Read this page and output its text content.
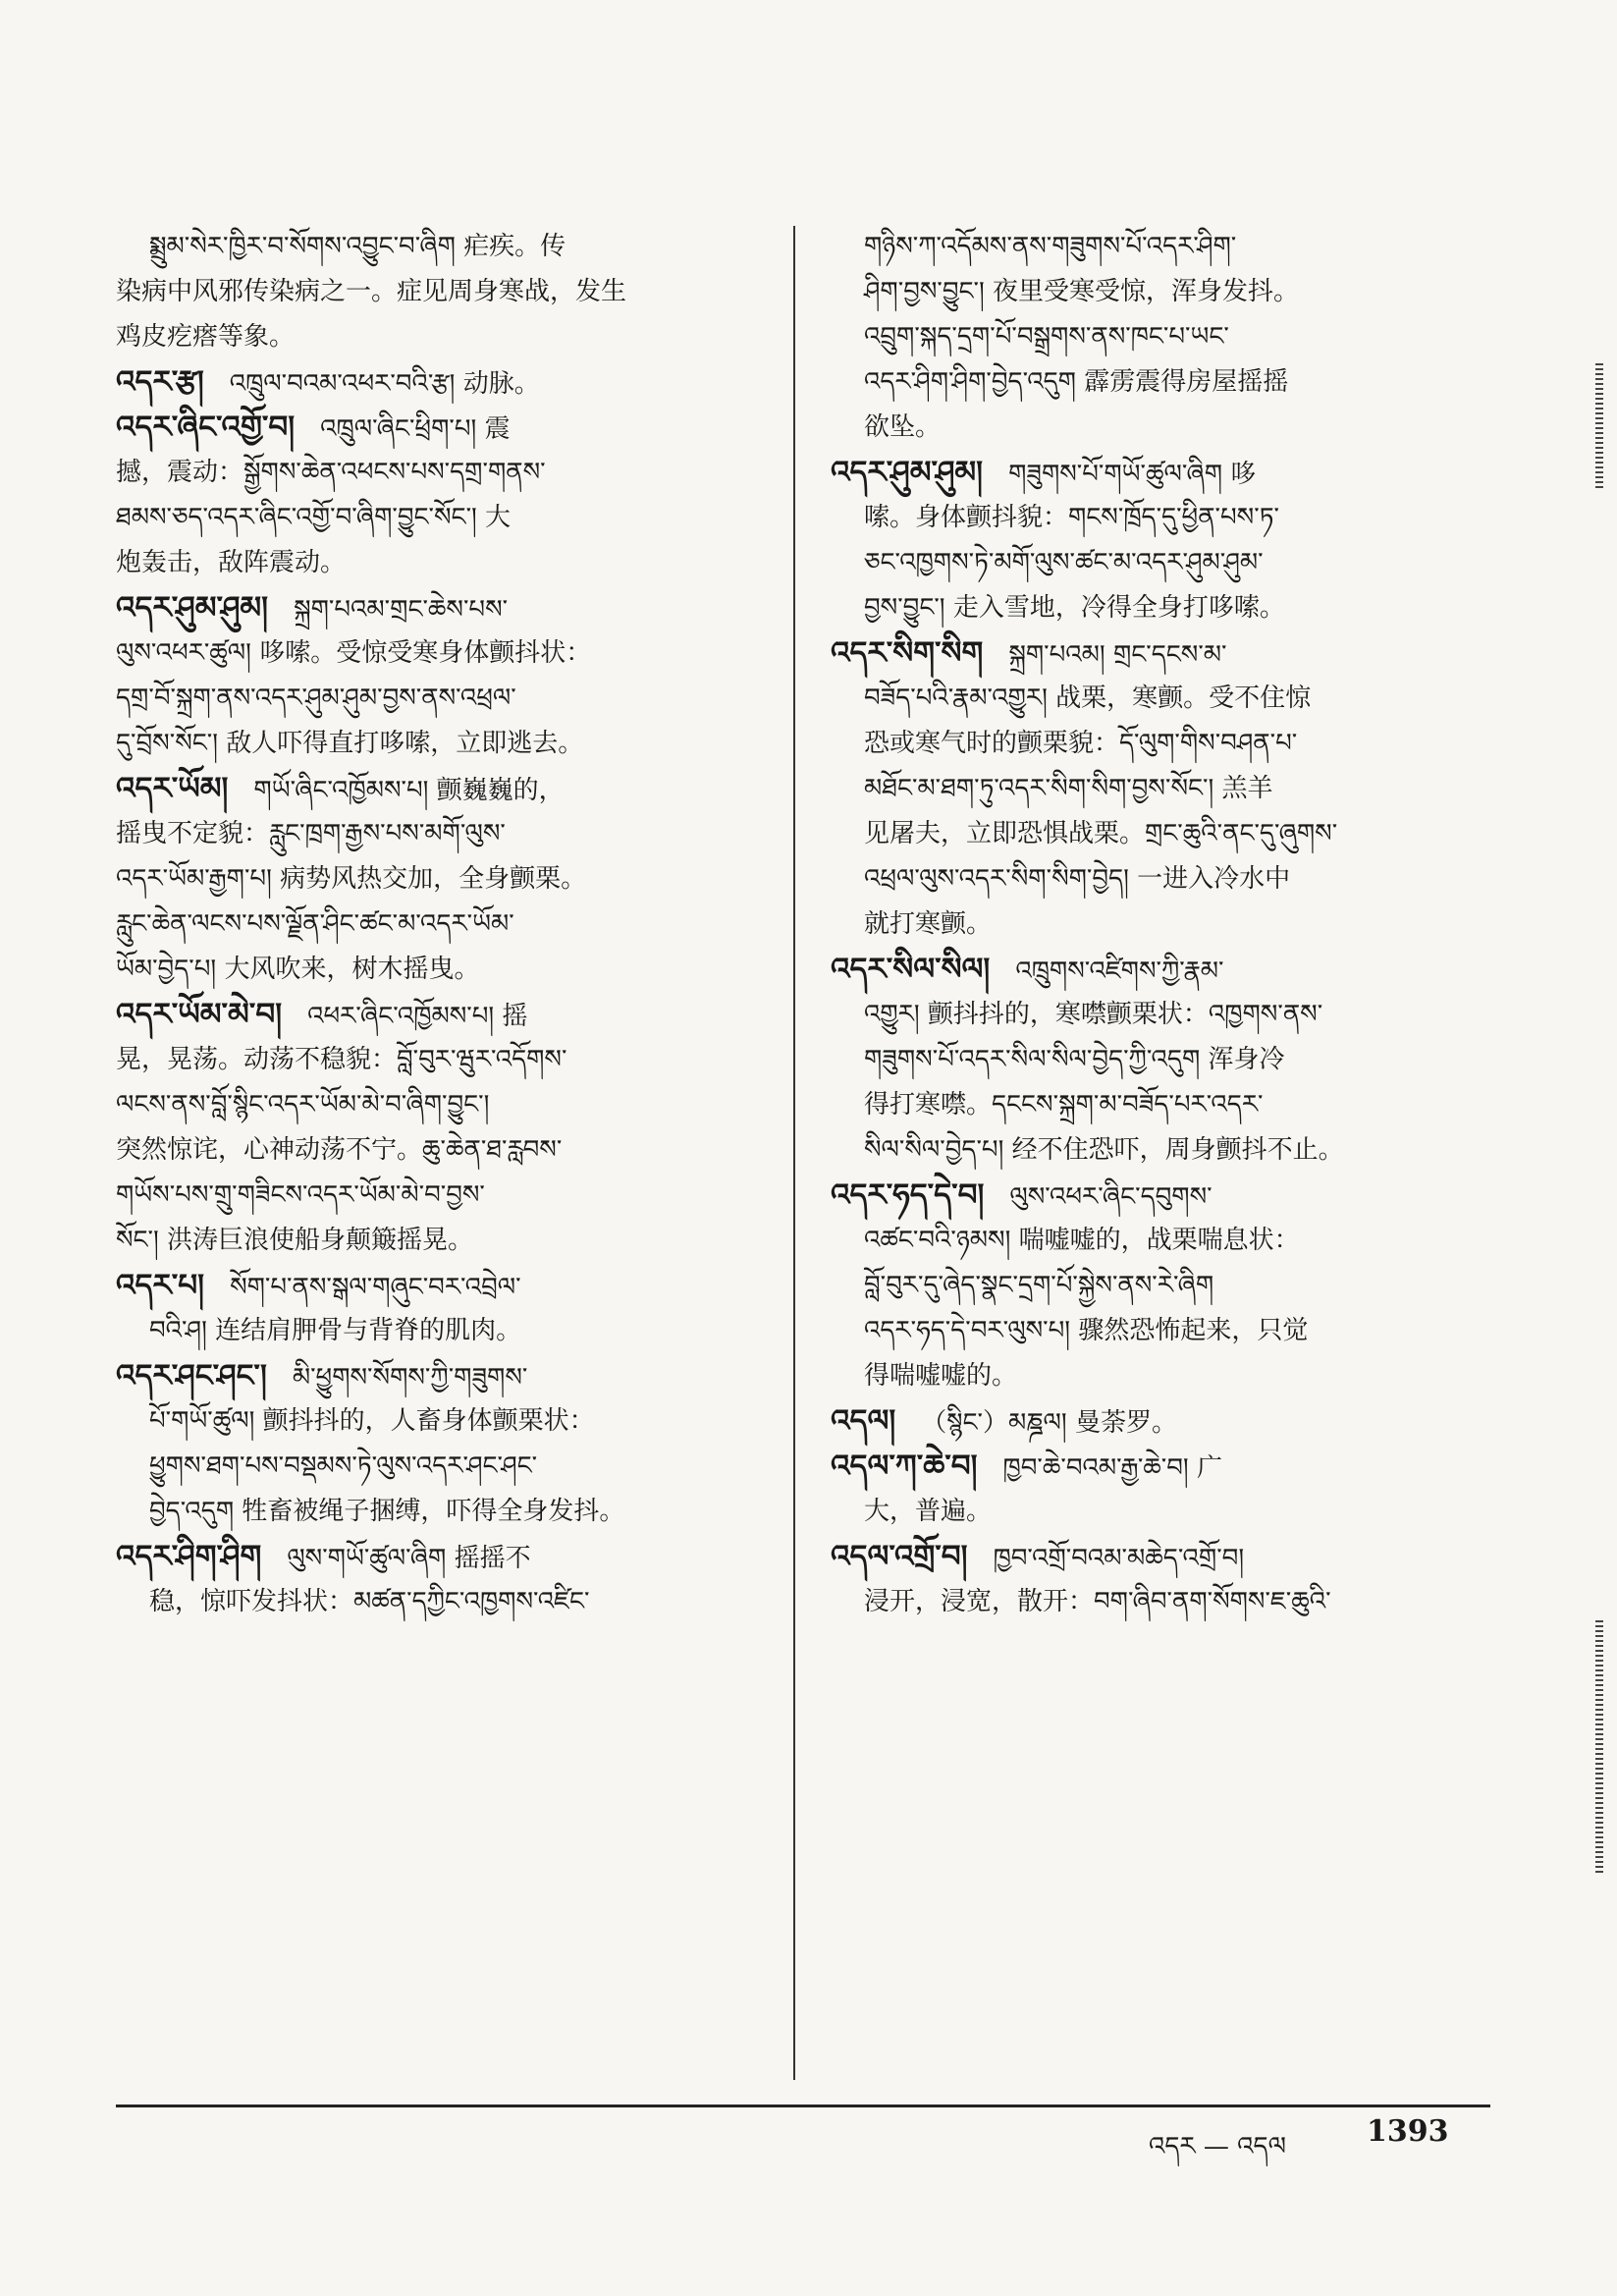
སྨྲུམ་སེར་ཁྱིར་བ་སོགས་འབྱུང་བ་ཞིག 疟疾。传
染病中风邪传染病之一。症见周身寒战，发生
鸡皮疙瘩等象。
འདར་རྩ། འཁྲུལ་བའམ་འཕར་བའི་རྩ། 动脉。
འདར་ཞིང་འགྱོ་བ། འཁྲུལ་ཞིང་ཕྲིག་པ། 震
撼，震动：སྒྱོགས་ཆེན་འཕངས་པས་དགྲ་གནས་
ཐམས་ཅད་འདར་ཞིང་འགྱོ་བ་ཞིག་བྱུང་སོང་། 大
炮轰击，敌阵震动。
འདར་ཤུམ་ཤུམ། སྐྲག་པའམ་གྲང་ཆེས་པས་
ལུས་འཕར་ཚུལ། 哆嗦。受惊受寒身体颤抖状：
དགྲ་བོ་སྐྲག་ནས་འདར་ཤུམ་ཤུམ་བྱས་ནས་འཕྲལ་
དུ་བྲོས་སོང་། 敌人吓得直打哆嗦，立即逃去。
འདར་ཡོམ། གཡོ་ཞིང་འཁྱོམས་པ། 颤巍巍的，
摇曳不定貌：རླུང་ཁྲག་རྒྱས་པས་མགོ་ལུས་
འདར་ཡོམ་རྒྱག་པ། 病势风热交加，全身颤栗。
རླུང་ཆེན་ལངས་པས་ལྗོན་ཤིང་ཚང་མ་འདར་ཡོམ་
ཡོམ་བྱེད་པ། 大风吹来，树木摇曳。
འདར་ཡོམ་མེ་བ། འཕར་ཞིང་འཁྱོམས་པ། 摇
晃，晃荡。动荡不稳貌：བློ་བུར་ཝུར་འདོགས་
ལངས་ནས་བློ་སྙིང་འདར་ཡོམ་མེ་བ་ཞིག་བྱུང་།
突然惊诧，心神动荡不宁。ཆུ་ཆེན་ཐ་རླབས་
གཡོས་པས་གྲུ་གཟིངས་འདར་ཡོམ་མེ་བ་བྱས་
སོང་། 洪涛巨浪使船身颠簸摇晃。
འདར་པ། སོག་པ་ནས་སྒལ་གཞུང་བར་འབྲེལ་
བའི་ཤ། 连结肩胛骨与背脊的肌肉。
འདར་ཤང་ཤང་། མི་ཕྱུགས་སོགས་ཀྱི་གཟུགས་
པོ་གཡོ་ཚུལ། 颤抖抖的，人畜身体颤栗状：
ཕྱུགས་ཐག་པས་བསྡམས་ཏེ་ལུས་འདར་ཤང་ཤང་
བྱེད་འདུག 牲畜被绳子捆缚，吓得全身发抖。
འདར་ཤིག་ཤིག ལུས་གཡོ་ཚུལ་ཞིག 摇摇不
稳，惊吓发抖状：མཚན་དཀྱིང་འཁྱགས་འཛིང་
གཉིས་ཀ་འདོམས་ནས་གཟུགས་པོ་འདར་ཤིག་
ཤིག་བྱས་བྱུང་། 夜里受寒受惊，浑身发抖。
འབྲུག་སྐད་དྲག་པོ་བསྒྲགས་ནས་ཁང་པ་ཡང་
འདར་ཤིག་ཤིག་བྱེད་འདུག 霹雳震得房屋摇摇
欲坠。
འདར་ཤུམ་ཤུམ། གཟུགས་པོ་གཡོ་ཚུལ་ཞིག 哆
嗦。身体颤抖貌：གངས་ཁྲོད་དུ་ཕྱིན་པས་ཏ་
ཅང་འཁྱགས་ཏེ་མགོ་ལུས་ཚང་མ་འདར་ཤུམ་ཤུམ་
བྱས་བྱུང་། 走入雪地，冷得全身打哆嗦。
འདར་སིག་སིག སྐྲག་པའམ། གྲང་དངས་མ་
བཟོད་པའི་རྣམ་འགྱུར། 战栗，寒颤。受不住惊
恐或寒气时的颤栗貌：དོ་ལུག་གིས་བཤན་པ་
མཐོང་མ་ཐག་ཏུ་འདར་སིག་སིག་བྱས་སོང་། 羔羊
见屠夫，立即恐惧战栗。གྲང་ཆུའི་ནང་དུ་ཞུགས་
འཕྲལ་ལུས་འདར་སིག་སིག་བྱེད། 一进入冷水中
就打寒颤。
འདར་སིལ་སིལ། འཁྲུགས་འཛིགས་ཀྱི་རྣམ་
འགྱུར། 颤抖抖的，寒噤颤栗状：འཁྱགས་ནས་
གཟུགས་པོ་འདར་སིལ་སིལ་བྱེད་ཀྱི་འདུག 浑身冷
得打寒噤。དངངས་སྐྲག་མ་བཟོད་པར་འདར་
སིལ་སིལ་བྱེད་པ། 经不住恐吓，周身颤抖不止。
འདར་ཧད་དེ་བ། ལུས་འཕར་ཞིང་དབུགས་
འཚང་བའི་ཉམས། 喘嘘嘘的，战栗喘息状：
བློ་བུར་དུ་ཞེད་སྣང་དྲག་པོ་སྐྱེས་ནས་རེ་ཞིག
འདར་ཧད་དེ་བར་ལུས་པ། 骤然恐怖起来，只觉
得喘嘘嘘的。
འདལ། （སྙིང་）མཎྜལ། 曼荼罗。
འདལ་ཀ་ཆེ་བ། ཁྱབ་ཆེ་བའམ་རྒྱ་ཆེ་བ། 广
大，普遍。
འདལ་འགྲོ་བ། ཁྱབ་འགྲོ་བའམ་མཆེད་འགྲོ་བ།
浸开，浸宽，散开：བག་ཞིབ་ནག་སོགས་ཇ་ཆུའི་
འདར — འདལ	1393
